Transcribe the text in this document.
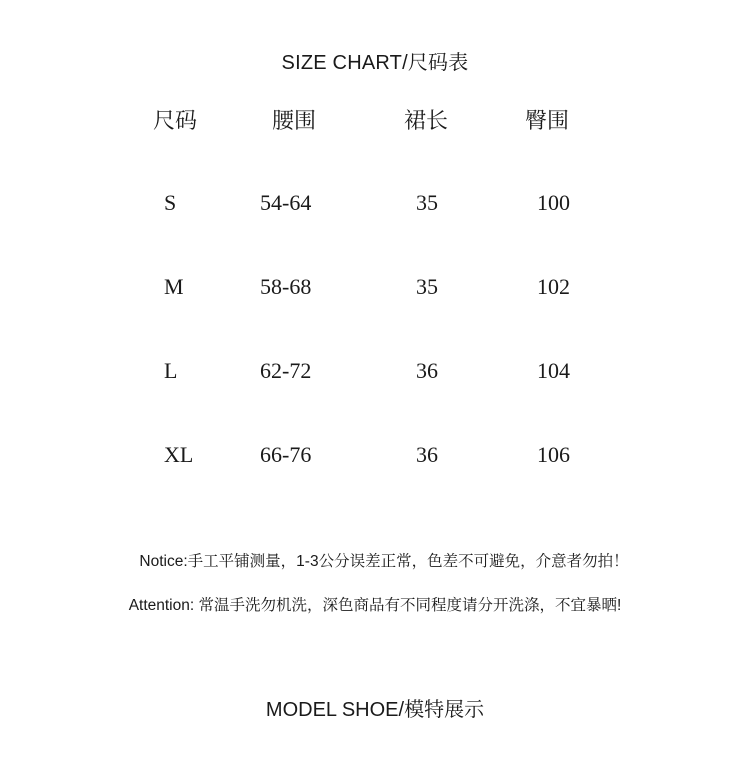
SIZE CHART/尺码表
尺码	腰围	裙长	臀围
S	54-64	35	100
M	58-68	35	102
L	62-72	36	104
XL	66-76	36	106
Notice:手工平铺测量，1-3公分误差正常，色差不可避免，介意者勿拍！
Attention: 常温手洗勿机洗，深色商品有不同程度请分开洗涤，不宜暴晒!
MODEL SHOE/模特展示
